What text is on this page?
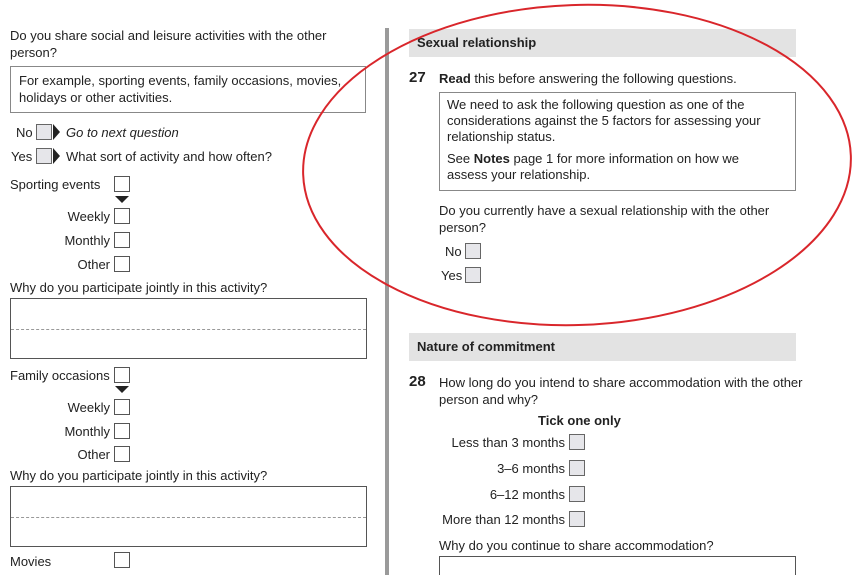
Do you share social and leisure activities with the other
person?
For example, sporting events, family occasions, movies,
holidays or other activities.
No	Go to next question
Yes	What sort of activity and how often?
Sporting events
Weekly
Monthly
Other
Why do you participate jointly in this activity?
Family occasions
Weekly
Monthly
Other
Why do you participate jointly in this activity?
Movies
Sexual relationship
27 Read this before answering the following questions.
We need to ask the following question as one of the
considerations against the 5 factors for assessing your
relationship status.
See Notes page 1 for more information on how we
assess your relationship.
Do you currently have a sexual relationship with the other
person?
No
Yes
Nature of commitment
28 How long do you intend to share accommodation with the other
person and why?
Tick one only
Less than 3 months
3–6 months
6–12 months
More than 12 months
Why do you continue to share accommodation?
